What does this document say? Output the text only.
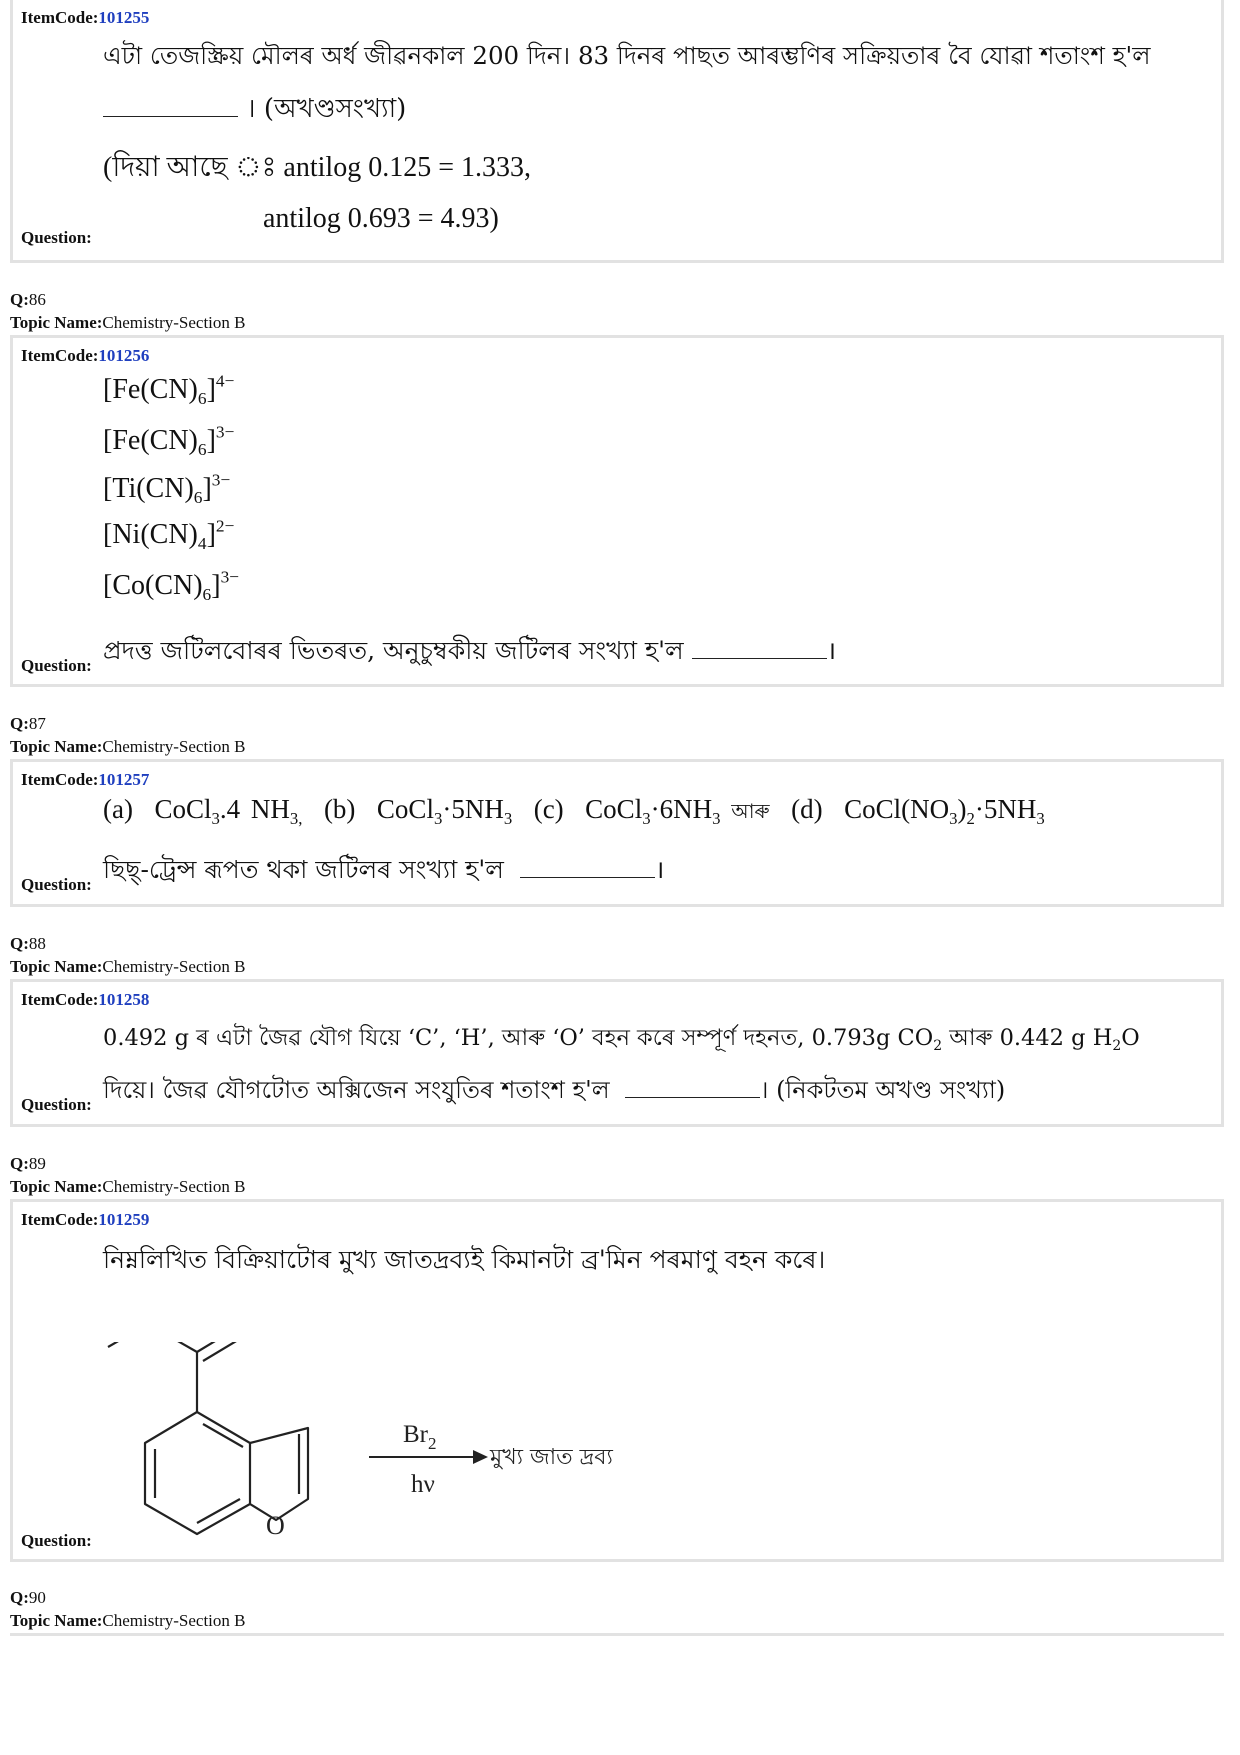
ItemCode:101255
এটা তেজস্ক্ৰিয় মৌলৰ অৰ্ধ জীৱনকাল 200 দিন। 83 দিনৰ পাছত আৰম্ভণিৰ সক্ৰিয়তাৰ বৈ যোৱা শতাংশ হ'ল
। (অখণ্ডসংখ্যা)
(দিয়া আছে ঃ antilog 0.125 = 1.333,
antilog 0.693 = 4.93)
Question:
Q:86
Topic Name:Chemistry-Section B
ItemCode:101256
$[Fe(CN)_6]^{4-}$
$[Fe(CN)_6]^{3-}$
$[Ti(CN)_6]^{3-}$
$[Ni(CN)_4]^{2-}$
$[Co(CN)_6]^{3-}$
প্ৰদত্ত জটিলবোৰৰ ভিতৰত, অনুচুম্বকীয় জটিলৰ সংখ্যা হ'ল	।
Question:
Q:87
Topic Name:Chemistry-Section B
ItemCode:101257
(a) CoCl$_3$.4 $NH_{3,}$ (b) $CoCl_3\cdot 5NH_3$ (c) $CoCl_3\cdot 6NH_3$ আৰু (d) $CoCl(NO_3)_2\cdot 5NH_3$
ছিছ্-ট্ৰেন্স ৰূপত থকা জটিলৰ সংখ্যা হ'ল	।
Question:
Q:88
Topic Name:Chemistry-Section B
ItemCode:101258
0.492 g ৰ এটা জৈৱ যৌগ যিয়ে ‘C’, ‘H’, আৰু ‘O’ বহন কৰে সম্পূৰ্ণ দহনত, 0.793g $CO_2$ আৰু 0.442 g $H_2O$
দিয়ে। জৈৱ যৌগটোত অক্সিজেন সংযুতিৰ শতাংশ হ'ল	। (নিকটতম অখণ্ড সংখ্যা)
Question:
Q:89
Topic Name:Chemistry-Section B
ItemCode:101259
নিম্নলিখিত বিক্ৰিয়াটোৰ মুখ্য জাতদ্ৰব্যই কিমানটা ব্ৰ'মিন পৰমাণু বহন কৰে।
O
$Br_2$
hν
মুখ্য জাত দ্ৰব্য
Question:
Q:90
Topic Name:Chemistry-Section B
